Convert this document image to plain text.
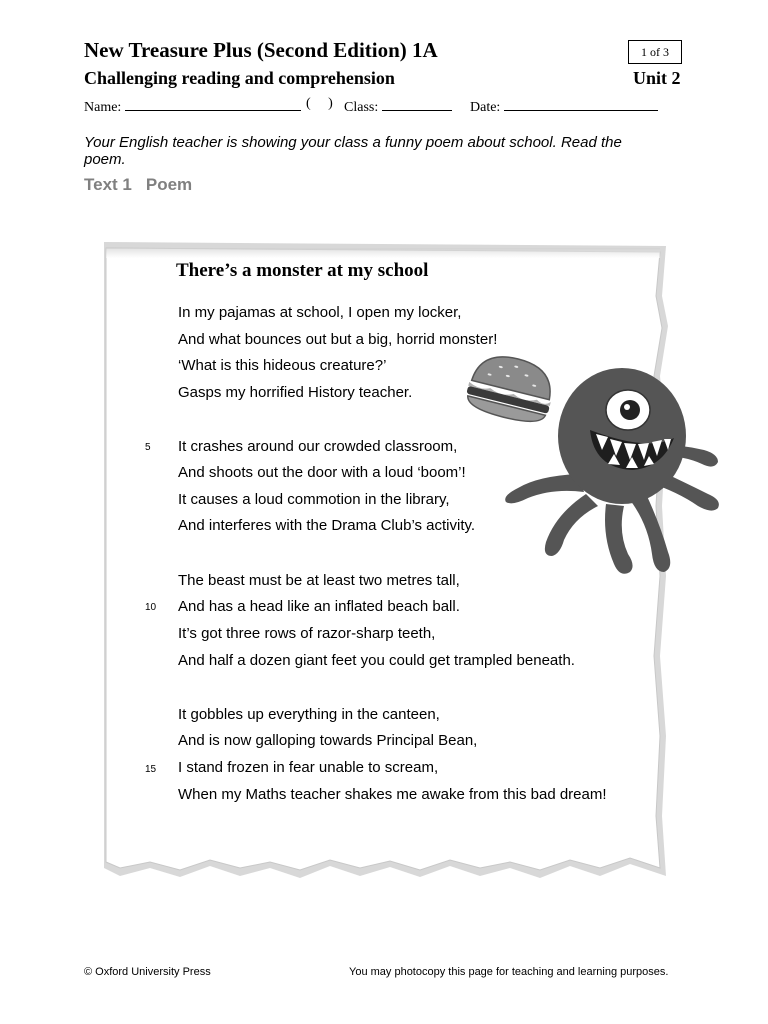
New Treasure Plus (Second Edition) 1A	1 of 3
Challenging reading and comprehension	Unit 2
Name:	(     ) Class:	Date:
Your English teacher is showing your class a funny poem about school. Read the poem.
Text 1 Poem
There’s a monster at my school
In my pajamas at school, I open my locker,
And what bounces out but a big, horrid monster!
‘What is this hideous creature?’
Gasps my horrified History teacher.
5 It crashes around our crowded classroom,
And shoots out the door with a loud ‘boom’!
It causes a loud commotion in the library,
And interferes with the Drama Club’s activity.
The beast must be at least two metres tall,
10 And has a head like an inflated beach ball.
It’s got three rows of razor-sharp teeth,
And half a dozen giant feet you could get trampled beneath.
It gobbles up everything in the canteen,
And is now galloping towards Principal Bean,
15 I stand frozen in fear unable to scream,
When my Maths teacher shakes me awake from this bad dream!
© Oxford University Press	You may photocopy this page for teaching and learning purposes.
